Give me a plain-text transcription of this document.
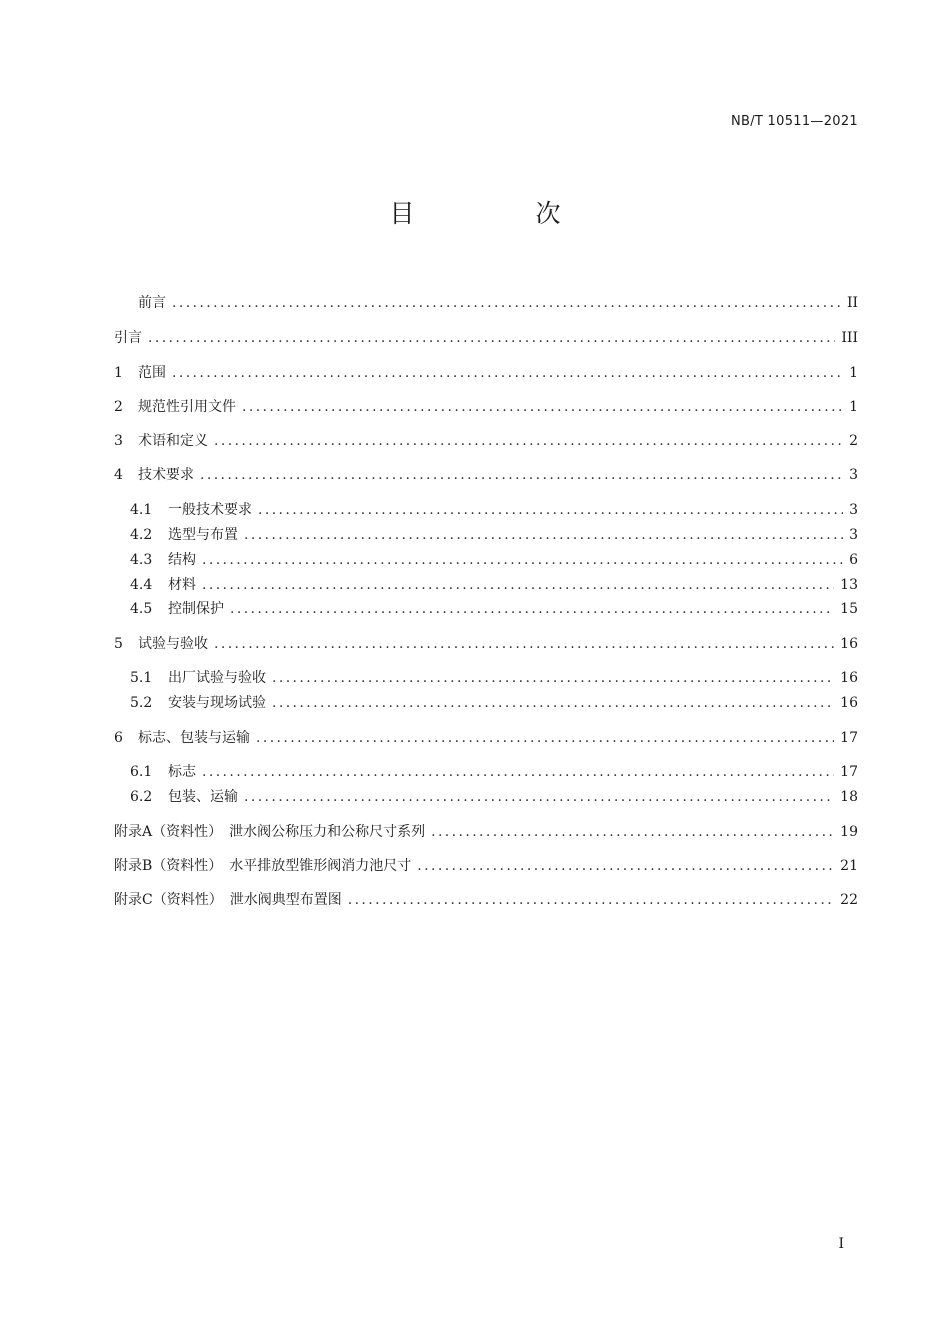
NB/T 10511—2021
目　次
前言 .....	II
引言 .....	III
1	范围 .....	1
2	规范性引用文件 .....	1
3	术语和定义 .....	2
4	技术要求 .....	3
4.1	一般技术要求 .....	3
4.2	选型与布置 .....	3
4.3	结构 .....	6
4.4	材料 .....	13
4.5	控制保护 .....	15
5	试验与验收 .....	16
5.1	出厂试验与验收 .....	16
5.2	安装与现场试验 .....	16
6	标志、包装与运输 .....	17
6.1	标志 .....	17
6.2	包装、运输 .....	18
附录A（资料性）　泄水阀公称压力和公称尺寸系列 .....	19
附录B（资料性）　水平排放型锥形阀消力池尺寸 .....	21
附录C（资料性）　泄水阀典型布置图 .....	22
I
